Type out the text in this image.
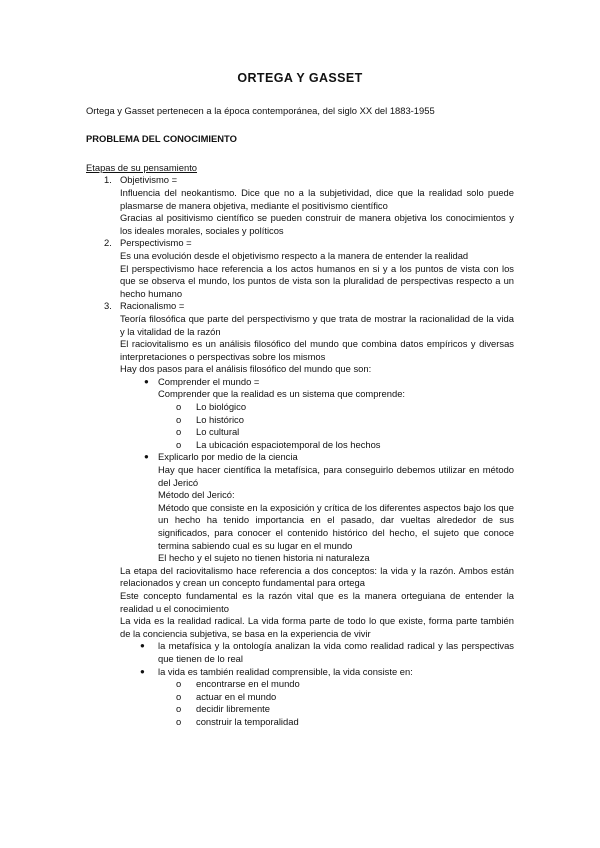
ORTEGA Y GASSET

Ortega y Gasset pertenecen a la época contemporánea, del siglo XX del 1883-1955

PROBLEMA DEL CONOCIMIENTO

Etapas de su pensamiento

1. Objetivismo =

Influencia del neokantismo. Dice que no a la subjetividad, dice que la realidad solo puede plasmarse de manera objetiva, mediante el positivismo científico

Gracias al positivismo científico se pueden construir de manera objetiva los conocimientos y los ideales morales, sociales y políticos

2. Perspectivismo =

Es una evolución desde el objetivismo respecto a la manera de entender la realidad

El perspectivismo hace referencia a los actos humanos en si y a los puntos de vista con los que se observa el mundo, los puntos de vista son la pluralidad de perspectivas respecto a un hecho humano

3. Racionalismo =

Teoría filosófica que parte del perspectivismo y que trata de mostrar la racionalidad de la vida y la vitalidad de la razón

El raciovitalismo es un análisis filosófico del mundo que combina datos empíricos y diversas interpretaciones o perspectivas sobre los mismos

Hay dos pasos para el análisis filosófico del mundo que son:

● Comprender el mundo =

Comprender que la realidad es un sistema que comprende:

o Lo biológico
o Lo histórico
o Lo cultural
o La ubicación espaciotemporal de los hechos
● Explicarlo por medio de la ciencia

Hay que hacer científica la metafísica, para conseguirlo debemos utilizar en método del Jericó

Método del Jericó:

Método que consiste en la exposición y crítica de los diferentes aspectos bajo los que un hecho ha tenido importancia en el pasado, dar vueltas alrededor de sus significados, para conocer el contenido histórico del hecho, el sujeto que conoce termina sabiendo cual es su lugar en el mundo

El hecho y el sujeto no tienen historia ni naturaleza

La etapa del raciovitalismo hace referencia a dos conceptos: la vida y la razón. Ambos están relacionados y crean un concepto fundamental para ortega

Este concepto fundamental es la razón vital que es la manera orteguiana de entender la realidad u el conocimiento

La vida es la realidad radical. La vida forma parte de todo lo que existe, forma parte también de la conciencia subjetiva, se basa en la experiencia de vivir

● la metafísica y la ontología analizan la vida como realidad radical y las perspectivas que tienen de lo real

● la vida es también realidad comprensible, la vida consiste en:

o encontrarse en el mundo
o actuar en el mundo
o decidir libremente
o construir la temporalidad
